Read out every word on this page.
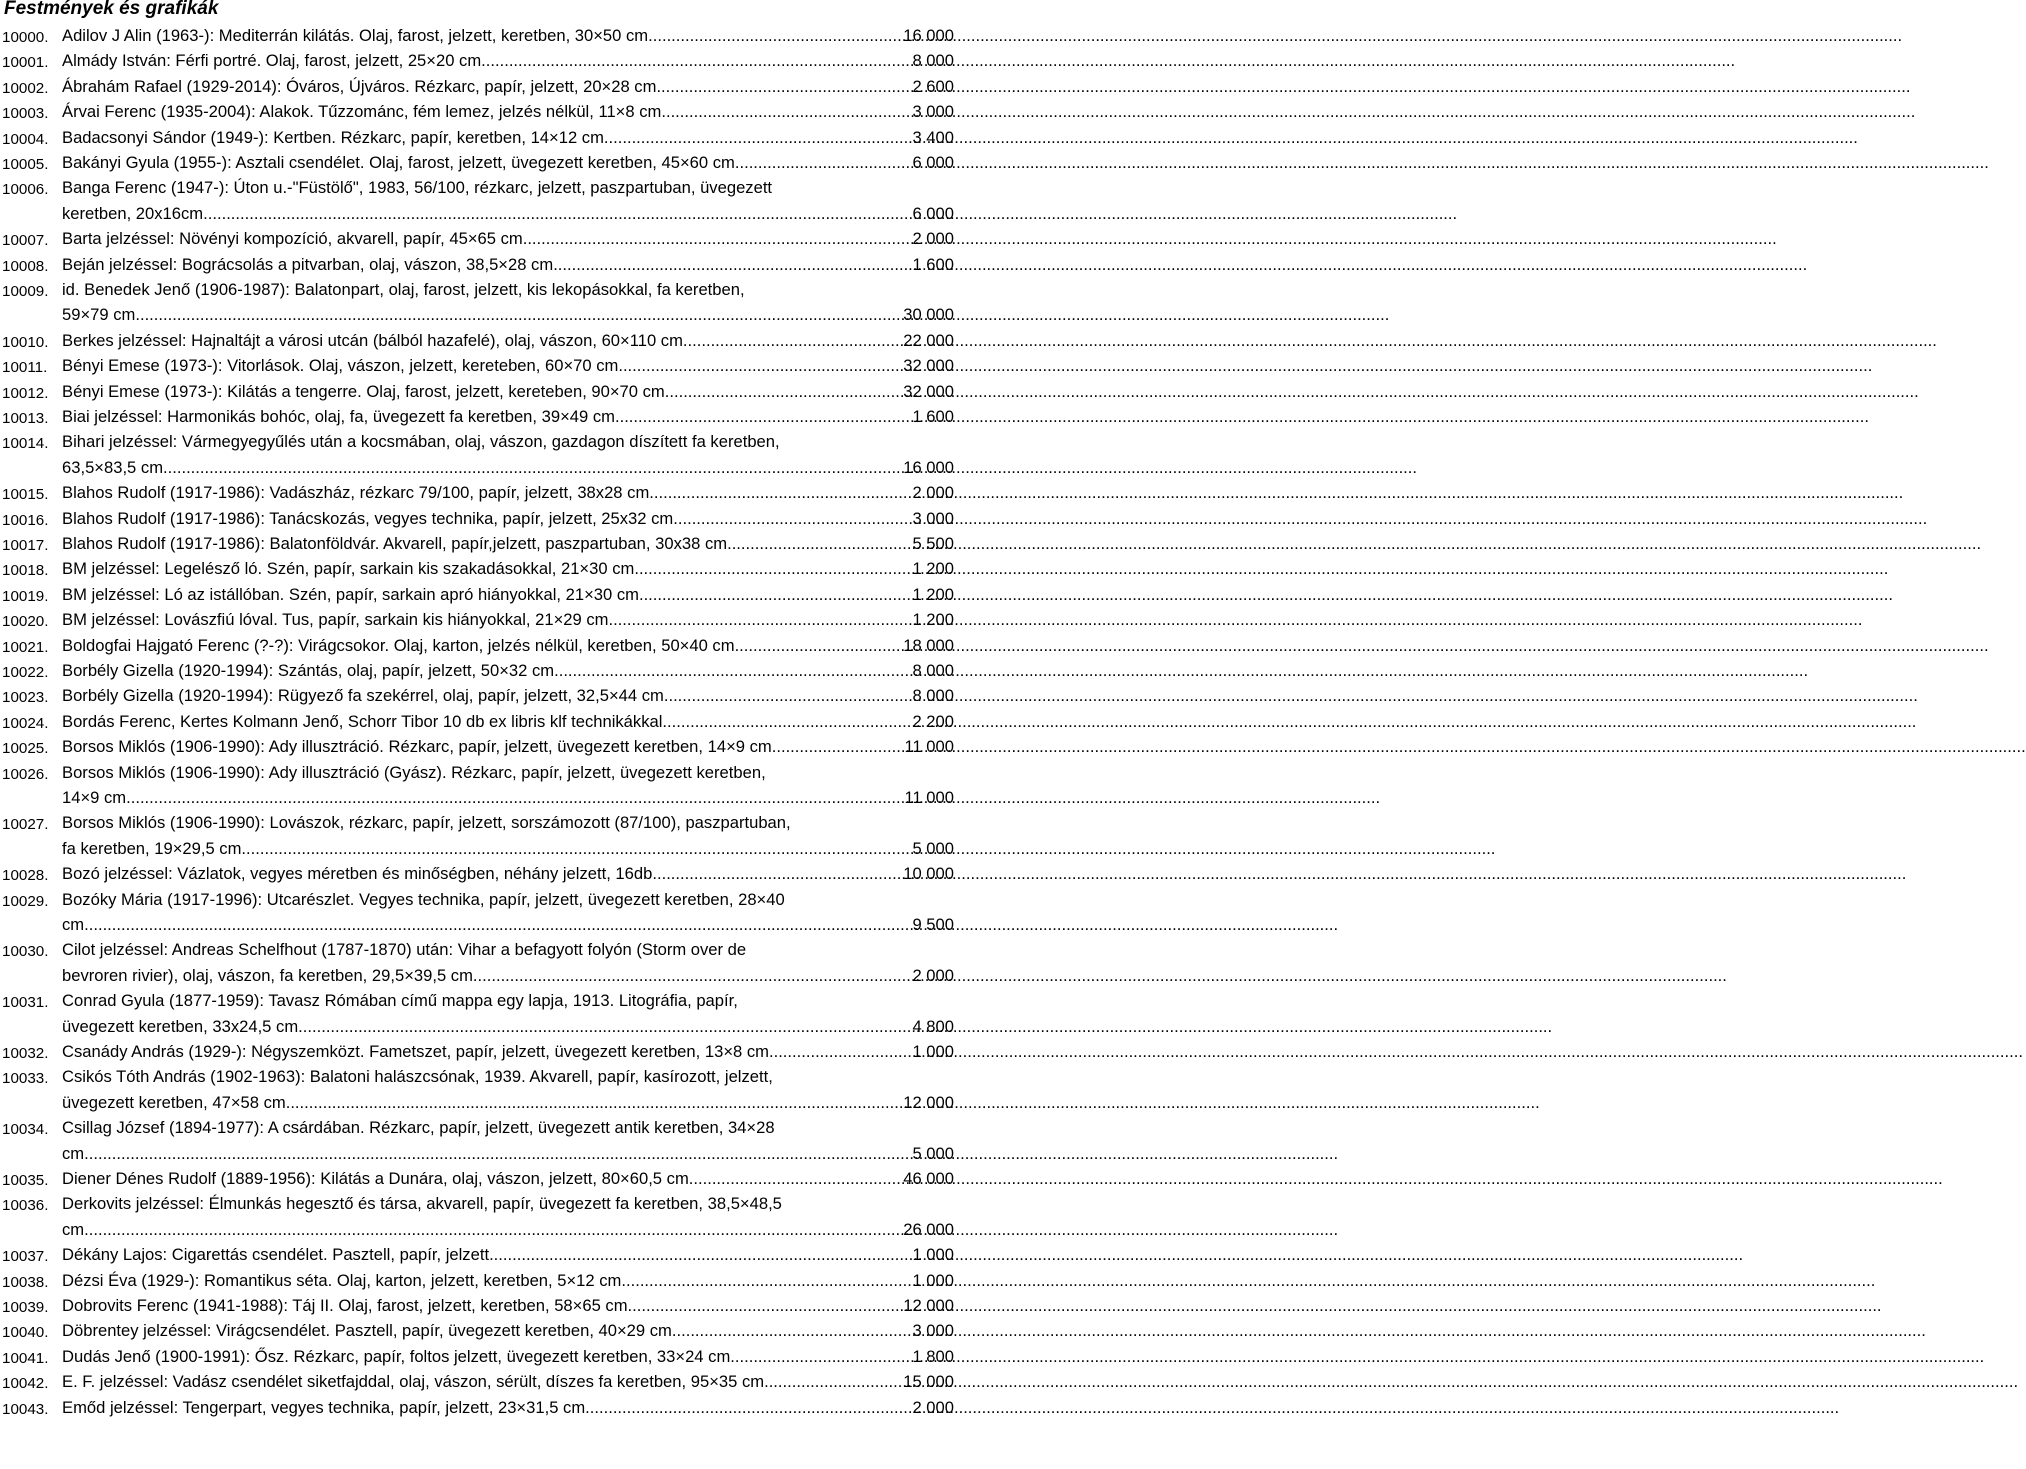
Festmények és grafikák
10000. Adilov J Alin (1963-): Mediterrán kilátás. Olaj, farost, jelzett, keretben, 30×50 cm .....	16 000
10001. Almády István: Férfi portré. Olaj, farost, jelzett, 25×20 cm .....	8 000
10002. Ábrahám Rafael (1929-2014): Óváros, Újváros. Rézkarc, papír, jelzett, 20×28 cm .....	2 600
10003. Árvai Ferenc (1935-2004): Alakok. Tűzzománc, fém lemez, jelzés nélkül, 11×8 cm .....	3 000
10004. Badacsonyi Sándor (1949-): Kertben. Rézkarc, papír, keretben, 14×12 cm .....	3 400
10005. Bakányi Gyula (1955-): Asztali csendélet. Olaj, farost, jelzett, üvegezett keretben, 45×60 cm .....	6 000
10006. Banga Ferenc (1947-): Úton u.-"Füstölő", 1983, 56/100, rézkarc, jelzett, paszpartuban, üvegezett
keretben, 20x16cm .....	6 000
10007. Barta jelzéssel: Növényi kompozíció, akvarell, papír, 45×65 cm .....	2 000
10008. Beján jelzéssel: Bográcsolás a pitvarban, olaj, vászon, 38,5×28 cm .....	1 600
10009. id. Benedek Jenő (1906-1987): Balatonpart, olaj, farost, jelzett, kis lekopásokkal, fa keretben,
59×79 cm .....	30 000
10010. Berkes jelzéssel: Hajnaltájt a városi utcán (bálból hazafelé), olaj, vászon, 60×110 cm .....	22 000
10011. Bényi Emese (1973-): Vitorlások. Olaj, vászon, jelzett, kereteben, 60×70 cm .....	32 000
10012. Bényi Emese (1973-): Kilátás a tengerre. Olaj, farost, jelzett, kereteben, 90×70 cm .....	32 000
10013. Biai jelzéssel: Harmonikás bohóc, olaj, fa, üvegezett fa keretben, 39×49 cm .....	1 600
10014. Bihari jelzéssel: Vármegyegyűlés után a kocsmában, olaj, vászon, gazdagon díszített fa keretben,
63,5×83,5 cm .....	16 000
10015. Blahos Rudolf (1917-1986): Vadászház, rézkarc 79/100, papír, jelzett, 38x28 cm .....	2 000
10016. Blahos Rudolf (1917-1986): Tanácskozás, vegyes technika, papír, jelzett, 25x32 cm .....	3 000
10017. Blahos Rudolf (1917-1986): Balatonföldvár. Akvarell, papír,jelzett, paszpartuban, 30x38 cm .....	5 500
10018. BM jelzéssel: Legelésző ló. Szén, papír, sarkain kis szakadásokkal, 21×30 cm .....	1 200
10019. BM jelzéssel: Ló az istállóban. Szén, papír, sarkain apró hiányokkal, 21×30 cm .....	1 200
10020. BM jelzéssel: Lovászfiú lóval. Tus, papír, sarkain kis hiányokkal, 21×29 cm .....	1 200
10021. Boldogfai Hajgató Ferenc (?-?): Virágcsokor. Olaj, karton, jelzés nélkül, keretben, 50×40 cm .....	18 000
10022. Borbély Gizella (1920-1994): Szántás, olaj, papír, jelzett, 50×32 cm .....	8 000
10023. Borbély Gizella (1920-1994): Rügyező fa szekérrel, olaj, papír, jelzett, 32,5×44 cm .....	8 000
10024. Bordás Ferenc, Kertes Kolmann Jenő, Schorr Tibor 10 db ex libris klf technikákkal .....	2 200
10025. Borsos Miklós (1906-1990): Ady illusztráció. Rézkarc, papír, jelzett, üvegezett keretben, 14×9 cm .....	11 000
10026. Borsos Miklós (1906-1990): Ady illusztráció (Gyász). Rézkarc, papír, jelzett, üvegezett keretben,
14×9 cm .....	11 000
10027. Borsos Miklós (1906-1990): Lovászok, rézkarc, papír, jelzett, sorszámozott (87/100), paszpartuban,
fa keretben, 19×29,5 cm .....	5 000
10028. Bozó jelzéssel: Vázlatok, vegyes méretben és minőségben, néhány jelzett, 16db .....	10 000
10029. Bozóky Mária (1917-1996): Utcarészlet. Vegyes technika, papír, jelzett, üvegezett keretben, 28×40
cm .....	9 500
10030. Cilot jelzéssel: Andreas Schelfhout (1787-1870) után: Vihar a befagyott folyón (Storm over de
bevroren rivier), olaj, vászon, fa keretben, 29,5×39,5 cm .....	2 000
10031. Conrad Gyula (1877-1959): Tavasz Rómában című mappa egy lapja, 1913. Litográfia, papír,
üvegezett keretben, 33x24,5 cm .....	4 800
10032. Csanády András (1929-): Négyszemközt. Fametszet, papír, jelzett, üvegezett keretben, 13×8 cm .....	1 000
10033. Csikós Tóth András (1902-1963): Balatoni halászcsónak, 1939. Akvarell, papír, kasírozott, jelzett,
üvegezett keretben, 47×58 cm .....	12 000
10034. Csillag József (1894-1977): A csárdában. Rézkarc, papír, jelzett, üvegezett antik keretben, 34×28
cm .....	5 000
10035. Diener Dénes Rudolf (1889-1956): Kilátás a Dunára, olaj, vászon, jelzett, 80×60,5 cm .....	46 000
10036. Derkovits jelzéssel: Élmunkás hegesztő és társa, akvarell, papír, üvegezett fa keretben, 38,5×48,5
cm .....	26 000
10037. Dékány Lajos: Cigarettás csendélet. Pasztell, papír, jelzett .....	1 000
10038. Dézsi Éva (1929-): Romantikus séta. Olaj, karton, jelzett, keretben, 5×12 cm .....	1 000
10039. Dobrovits Ferenc (1941-1988): Táj II. Olaj, farost, jelzett, keretben, 58×65 cm .....	12 000
10040. Döbrentey jelzéssel: Virágcsendélet. Pasztell, papír, üvegezett keretben, 40×29 cm .....	3 000
10041. Dudás Jenő (1900-1991): Ősz. Rézkarc, papír, foltos jelzett, üvegezett keretben, 33×24 cm .....	1 800
10042. E. F. jelzéssel: Vadász csendélet siketfajddal, olaj, vászon, sérült, díszes fa keretben, 95×35 cm .....	15 000
10043. Emőd jelzéssel: Tengerpart, vegyes technika, papír, jelzett, 23×31,5 cm .....	2 000
